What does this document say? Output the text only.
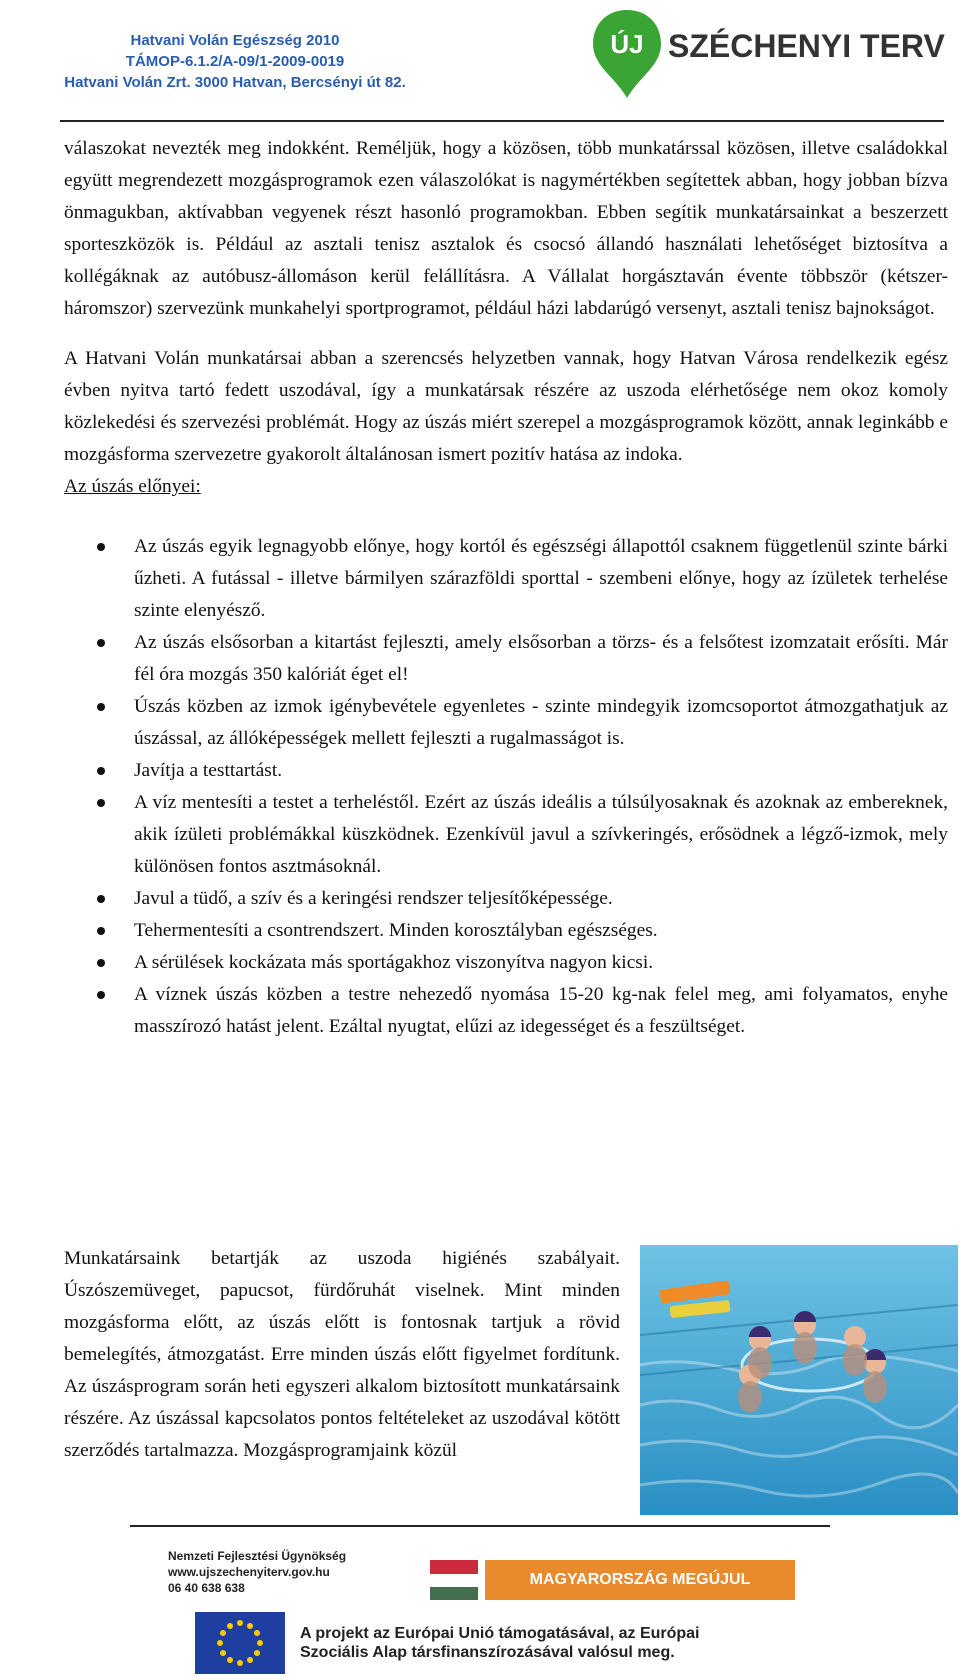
Hatvani Volán Egészség 2010
TÁMOP-6.1.2/A-09/1-2009-0019
Hatvani Volán Zrt. 3000 Hatvan, Bercsényi út 82.
ÚJ SZÉCHENYI TERV

válaszokat nevezték meg indokként. Reméljük, hogy a közösen, több munkatárssal közösen, illetve családokkal együtt megrendezett mozgásprogramok ezen válaszolókat is nagymértékben segítettek abban, hogy jobban bízva önmagukban, aktívabban vegyenek részt hasonló programokban. Ebben segítik munkatársainkat a beszerzett sporteszközök is. Például az asztali tenisz asztalok és csocsó állandó használati lehetőséget biztosítva a kollégáknak az autóbusz-állomáson kerül felállításra. A Vállalat horgásztaván évente többször (kétszer-háromszor) szervezünk munkahelyi sportprogramot, például házi labdarúgó versenyt, asztali tenisz bajnokságot.

A Hatvani Volán munkatársai abban a szerencsés helyzetben vannak, hogy Hatvan Városa rendelkezik egész évben nyitva tartó fedett uszodával, így a munkatársak részére az uszoda elérhetősége nem okoz komoly közlekedési és szervezési problémát. Hogy az úszás miért szerepel a mozgásprogramok között, annak leginkább e mozgásforma szervezetre gyakorolt általánosan ismert pozitív hatása az indoka.

Az úszás előnyei:

Az úszás egyik legnagyobb előnye, hogy kortól és egészségi állapottól csaknem függetlenül szinte bárki űzheti. A futással - illetve bármilyen szárazföldi sporttal - szembeni előnye, hogy az ízületek terhelése szinte elenyésző.
Az úszás elsősorban a kitartást fejleszti, amely elsősorban a törzs- és a felsőtest izomzatait erősíti. Már fél óra mozgás 350 kalóriát éget el!
Úszás közben az izmok igénybevétele egyenletes - szinte mindegyik izomcsoportot átmozgathatjuk az úszással, az állóképességek mellett fejleszti a rugalmasságot is.
Javítja a testtartást.
A víz mentesíti a testet a terheléstől. Ezért az úszás ideális a túlsúlyosaknak és azoknak az embereknek, akik ízületi problémákkal küszködnek. Ezenkívül javul a szívkeringés, erősödnek a légző-izmok, mely különösen fontos asztmásoknál.
Javul a tüdő, a szív és a keringési rendszer teljesítőképessége.
Tehermentesíti a csontrendszert. Minden korosztályban egészséges.
A sérülések kockázata más sportágakhoz viszonyítva nagyon kicsi.
A víznek úszás közben a testre nehezedő nyomása 15-20 kg-nak felel meg, ami folyamatos, enyhe masszírozó hatást jelent. Ezáltal nyugtat, elűzi az idegességet és a feszültséget.

Munkatársaink betartják az uszoda higiénés szabályait. Úszószemüveget, papucsot, fürdőruhát viselnek. Mint minden mozgásforma előtt, az úszás előtt is fontosnak tartjuk a rövid bemelegítés, átmozgatást. Erre minden úszás előtt figyelmet fordítunk. Az úszásprogram során heti egyszeri alkalom biztosított munkatársaink részére. Az úszással kapcsolatos pontos feltételeket az uszodával kötött szerződés tartalmazza. Mozgásprogramjaink közül

Nemzeti Fejlesztési Ügynökség
www.ujszechenyiterv.gov.hu
06 40 638 638	MAGYARORSZÁG MEGÚJUL
A projekt az Európai Unió támogatásával, az Európai
Szociális Alap társfinanszírozásával valósul meg.
